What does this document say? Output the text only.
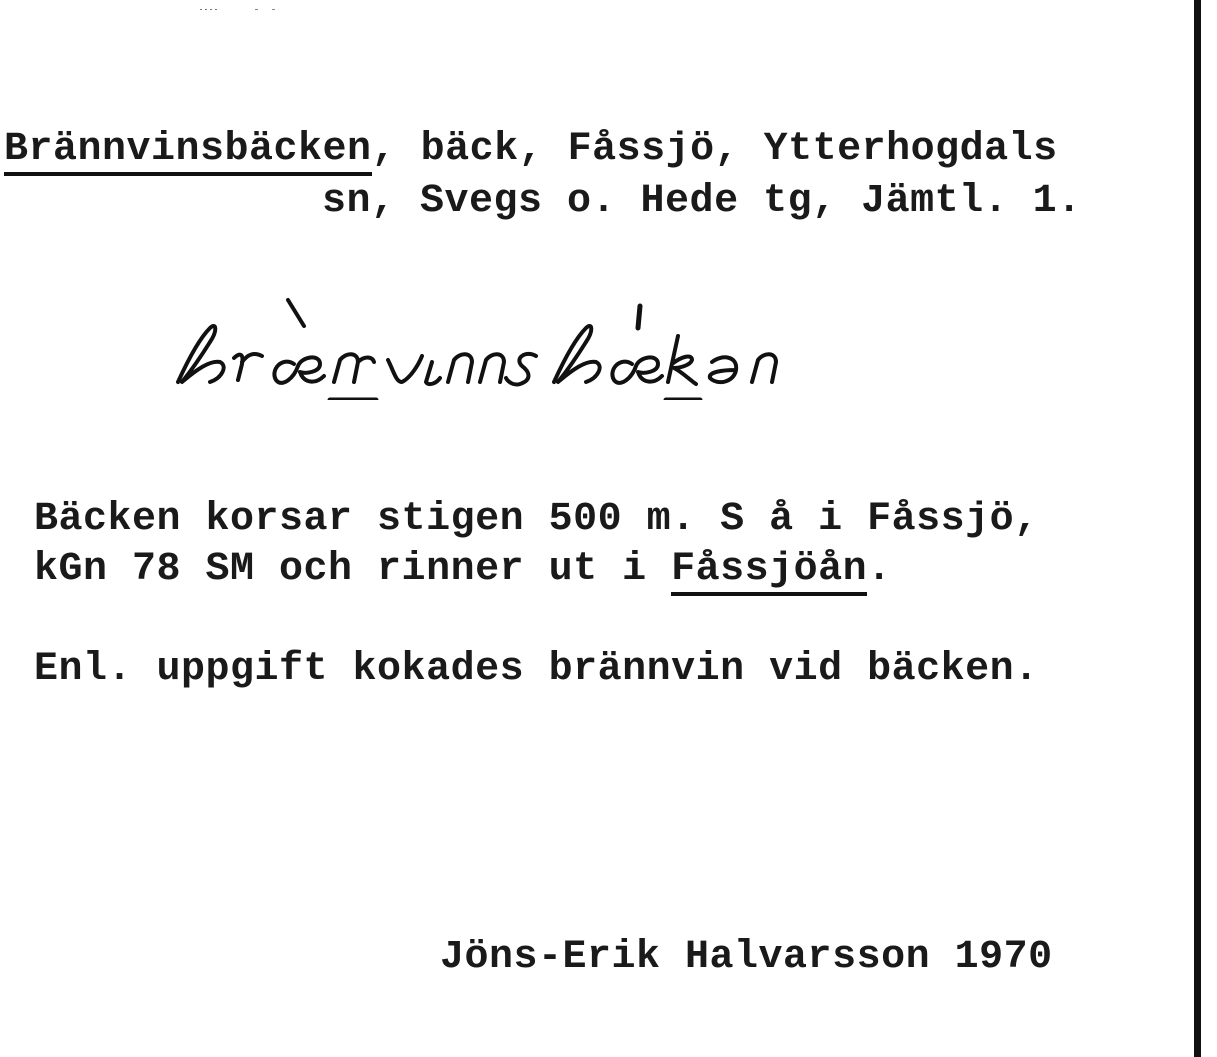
Brännvinsbäcken, bäck, Fåssjö, Ytterhogdals
sn, Svegs o. Hede tg, Jämtl. 1.
Bäcken korsar stigen 500 m. S å i Fåssjö,
kGn 78 SM och rinner ut i Fåssjöån.
Enl. uppgift kokades brännvin vid bäcken.
Jöns-Erik Halvarsson 1970
